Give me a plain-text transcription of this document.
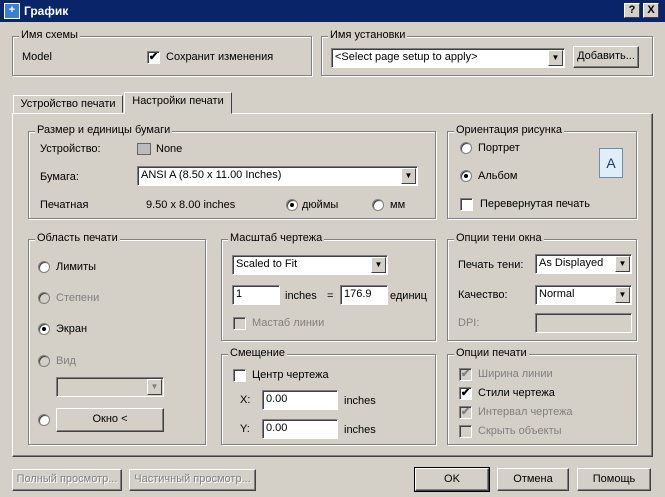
+ График	?	X
Имя схемы
Model	✔ Сохранит изменения
Имя установки
<Select page setup to apply>	▼	Добавить...
Устройство печати	Настройки печати
Размер и единицы бумаги
Устройство:	None
Бумага:	ANSI A (8.50 x 11.00 Inches)	▼
Печатная	9.50 x 8.00 inches	дюймы	мм
Ориентация рисунка
Портрет
Альбом
A
Перевернутая печать
Область печати
Лимиты
Степени
Экран
Вид
▼
Окно <
Масштаб чертежа
Scaled to Fit	▼
1	inches = 176.9	единиц
Мастаб линии
Смещение
Центр чертежа
X:	0.00	inches
Y:	0.00	inches
Опции тени окна
Печать тени:	As Displayed	▼
Качество:	Normal	▼
DPI:
Опции печати
✔ Ширина линии
✔ Стили чертежа
✔ Интервал чертежа
Скрыть объекты
Полный просмотр...	Частичный просмотр...	OK	Отмена	Помощь
